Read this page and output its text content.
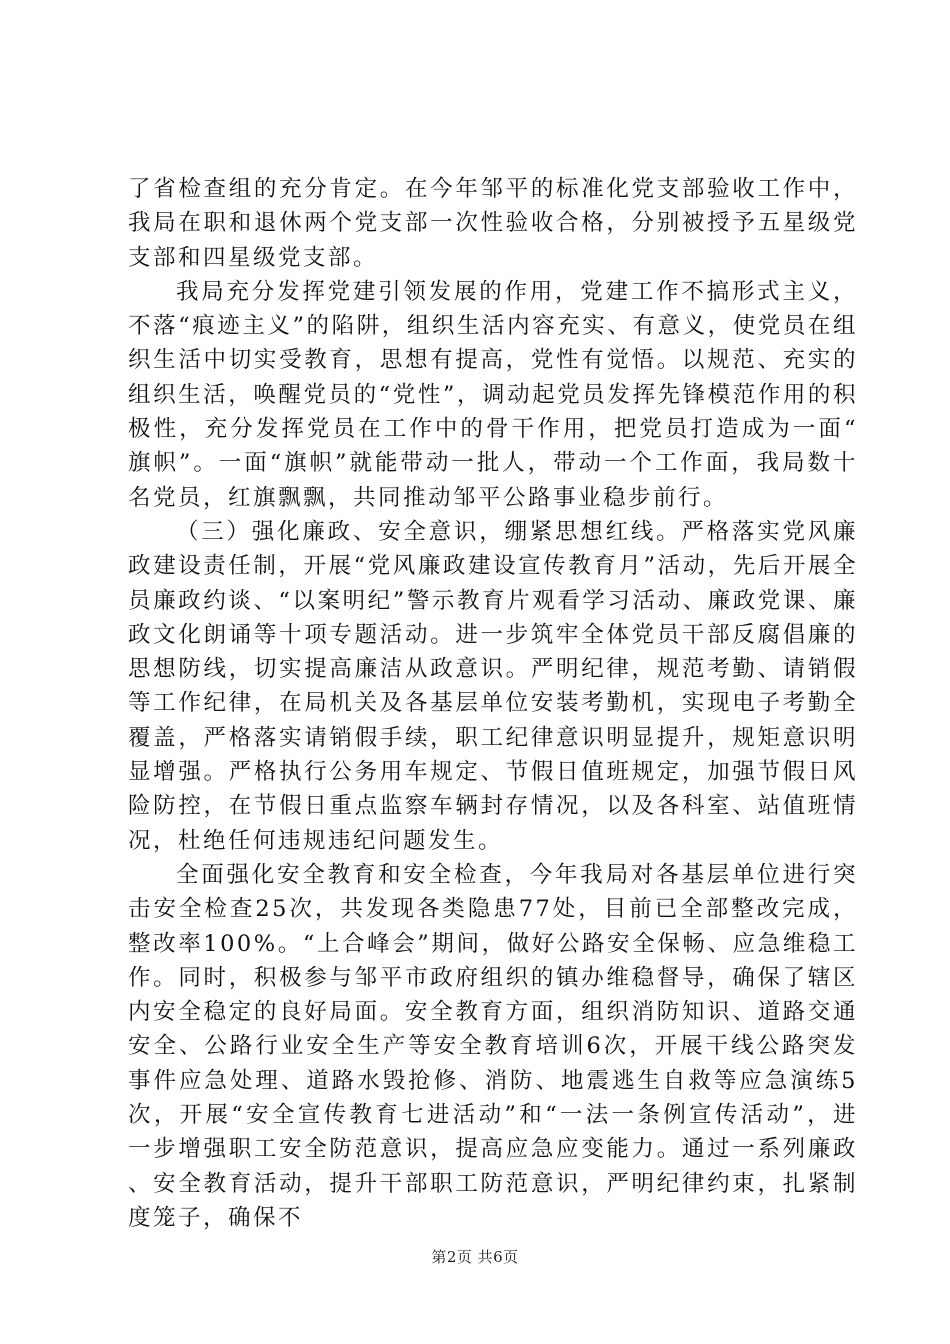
了省检查组的充分肯定。在今年邹平的标准化党支部验收工作中，我局在职和退休两个党支部一次性验收合格，分别被授予五星级党支部和四星级党支部。

我局充分发挥党建引领发展的作用，党建工作不搞形式主义，不落“痕迹主义”的陷阱，组织生活内容充实、有意义，使党员在组织生活中切实受教育，思想有提高，党性有觉悟。以规范、充实的组织生活，唤醒党员的“党性”，调动起党员发挥先锋模范作用的积极性，充分发挥党员在工作中的骨干作用，把党员打造成为一面“旗帜”。一面“旗帜”就能带动一批人，带动一个工作面，我局数十名党员，红旗飘飘，共同推动邹平公路事业稳步前行。

（三）强化廉政、安全意识，绷紧思想红线。严格落实党风廉政建设责任制，开展“党风廉政建设宣传教育月”活动，先后开展全员廉政约谈、“以案明纪”警示教育片观看学习活动、廉政党课、廉政文化朗诵等十项专题活动。进一步筑牢全体党员干部反腐倡廉的思想防线，切实提高廉洁从政意识。严明纪律，规范考勤、请销假等工作纪律，在局机关及各基层单位安装考勤机，实现电子考勤全覆盖，严格落实请销假手续，职工纪律意识明显提升，规矩意识明显增强。严格执行公务用车规定、节假日值班规定，加强节假日风险防控，在节假日重点监察车辆封存情况，以及各科室、站值班情况，杜绝任何违规违纪问题发生。

全面强化安全教育和安全检查，今年我局对各基层单位进行突击安全检查25次，共发现各类隐患77处，目前已全部整改完成，整改率100%。“上合峰会”期间，做好公路安全保畅、应急维稳工作。同时，积极参与邹平市政府组织的镇办维稳督导，确保了辖区内安全稳定的良好局面。安全教育方面，组织消防知识、道路交通安全、公路行业安全生产等安全教育培训6次，开展干线公路突发事件应急处理、道路水毁抢修、消防、地震逃生自救等应急演练5次，开展“安全宣传教育七进活动”和“一法一条例宣传活动”，进一步增强职工安全防范意识，提高应急应变能力。通过一系列廉政、安全教育活动，提升干部职工防范意识，严明纪律约束，扎紧制度笼子，确保不

第2页 共6页
